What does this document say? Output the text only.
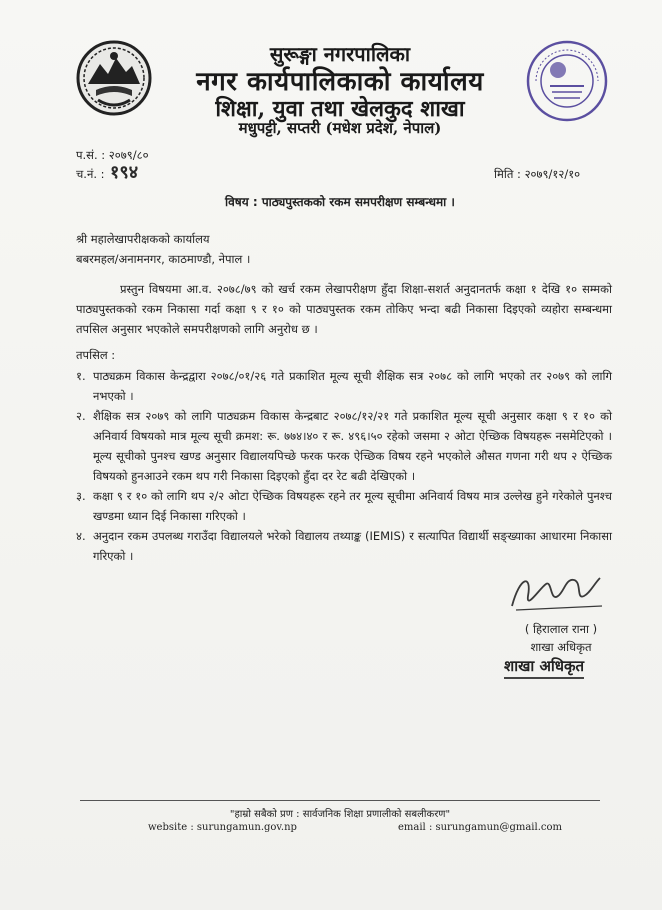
सुरूङ्गा नगरपालिका
नगर कार्यपालिकाको कार्यालय
शिक्षा, युवा तथा खेलकुद शाखा
मधुपट्टी, सप्तरी (मधेश प्रदेश, नेपाल)
प.सं. : २०७९/८०
च.नं. : १९४	मिति : २०७९/१२/१०
विषय : पाठ्यपुस्तकको रकम समपरीक्षण सम्बन्धमा ।
श्री महालेखापरीक्षकको कार्यालय
बबरमहल/अनामनगर, काठमाण्डौ, नेपाल ।
प्रस्तुन विषयमा आ.व. २०७८/७९ को खर्च रकम लेखापरीक्षण हुँदा शिक्षा-सशर्त अनुदानतर्फ कक्षा १ देखि १० सम्मको पाठ्यपुस्तकको रकम निकासा गर्दा कक्षा ९ र १० को पाठ्यपुस्तक रकम तोकिए भन्दा बढी निकासा दिइएको व्यहोरा सम्बन्धमा तपसिल अनुसार भएकोले समपरीक्षणको लागि अनुरोध छ ।
तपसिल :
१. पाठ्यक्रम विकास केन्द्रद्वारा २०७८/०१/२६ गते प्रकाशित मूल्य सूची शैक्षिक सत्र २०७८ को लागि भएको तर २०७९ को लागि नभएको ।
२. शैक्षिक सत्र २०७९ को लागि पाठ्यक्रम विकास केन्द्रबाट २०७८/१२/२१ गते प्रकाशित मूल्य सूची अनुसार कक्षा ९ र १० को अनिवार्य विषयको मात्र मूल्य सूची क्रमश: रू. ७७४।४० र रू. ४९६।५० रहेको जसमा २ ओटा ऐच्छिक विषयहरू नसमेटिएको । मूल्य सूचीको पुनश्च खण्ड अनुसार विद्यालयपिच्छे फरक फरक ऐच्छिक विषय रहने भएकोले औसत गणना गरी थप २ ऐच्छिक विषयको हुनआउने रकम थप गरी निकासा दिइएको हुँदा दर रेट बढी देखिएको ।
३. कक्षा ९ र १० को लागि थप २/२ ओटा ऐच्छिक विषयहरू रहने तर मूल्य सूचीमा अनिवार्य विषय मात्र उल्लेख हुने गरेकोले पुनश्च खण्डमा ध्यान दिई निकासा गरिएको ।
४. अनुदान रकम उपलब्ध गराउँदा विद्यालयले भरेको विद्यालय तथ्याङ्क (IEMIS) र सत्यापित विद्यार्थी सङ्ख्याका आधारमा निकासा गरिएको ।
( हिरालाल राना )
शाखा अधिकृत
शाखा अधिकृत
"हाम्रो सबैको प्रण : सार्वजनिक शिक्षा प्रणालीको सबलीकरण"
website : surungamun.gov.np	email : surungamun@gmail.com
